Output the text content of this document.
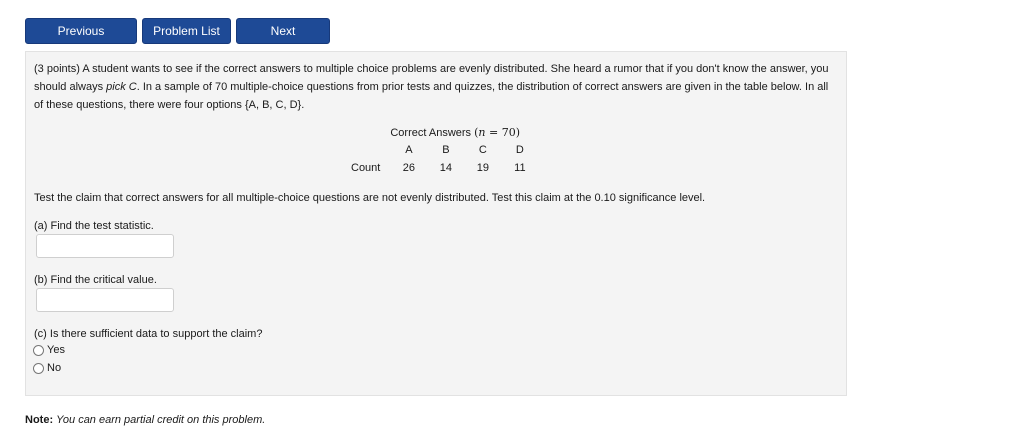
Previous	Problem List	Next

(3 points) A student wants to see if the correct answers to multiple choice problems are evenly distributed. She heard a rumor that if you don't know the answer, you should always pick C. In a sample of 70 multiple-choice questions from prior tests and quizzes, the distribution of correct answers are given in the table below. In all of these questions, there were four options {A, B, C, D}.

	Correct Answers (n = 70)			
	A	B	C	D
Count	26	14	19	11

Test the claim that correct answers for all multiple-choice questions are not evenly distributed. Test this claim at the 0.10 significance level.

(a) Find the test statistic.

(b) Find the critical value.

(c) Is there sufficient data to support the claim?

Yes
No

Note: You can earn partial credit on this problem.
